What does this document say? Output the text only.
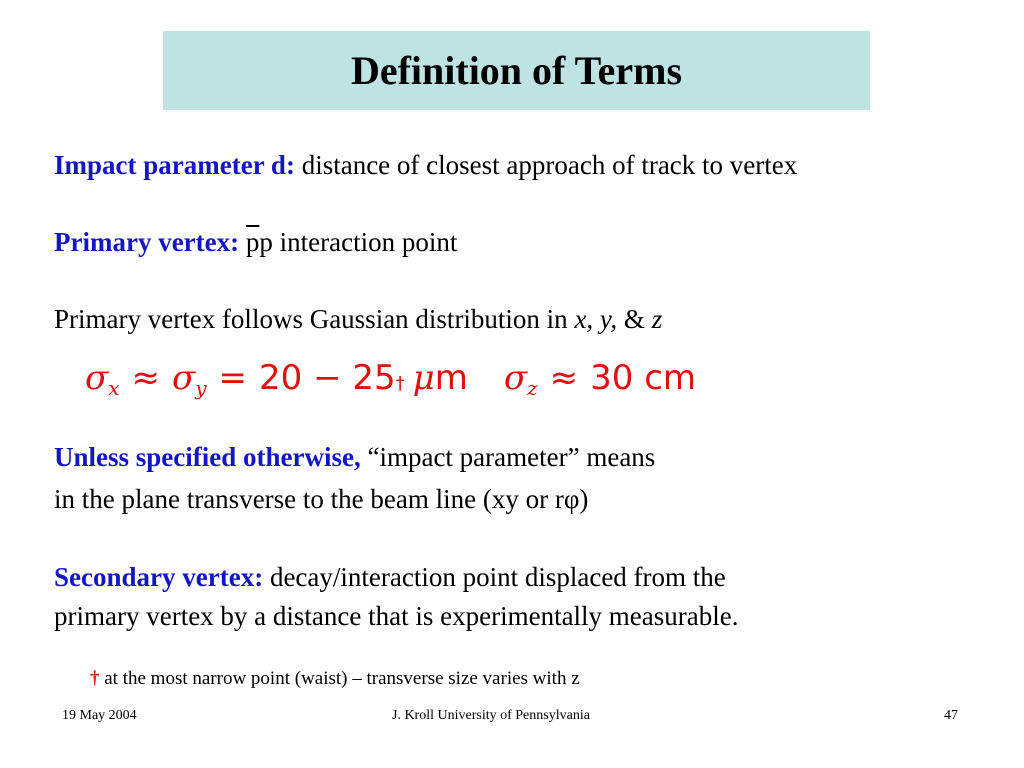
Definition of Terms
Impact parameter d: distance of closest approach of track to vertex
Primary vertex: $\overline{p}p$ interaction point
Primary vertex follows Gaussian distribution in x, y, & z
$\sigma_x \approx \sigma_y = 20 - 25$ † μ m $\sigma_z \approx 30$ cm
Unless specified otherwise, “impact parameter” means
in the plane transverse to the beam line (xy or rφ)
Secondary vertex: decay/interaction point displaced from the
primary vertex by a distance that is experimentally measurable.
† at the most narrow point (waist) – transverse size varies with z
19 May 2004	J. Kroll University of Pennsylvania	47
